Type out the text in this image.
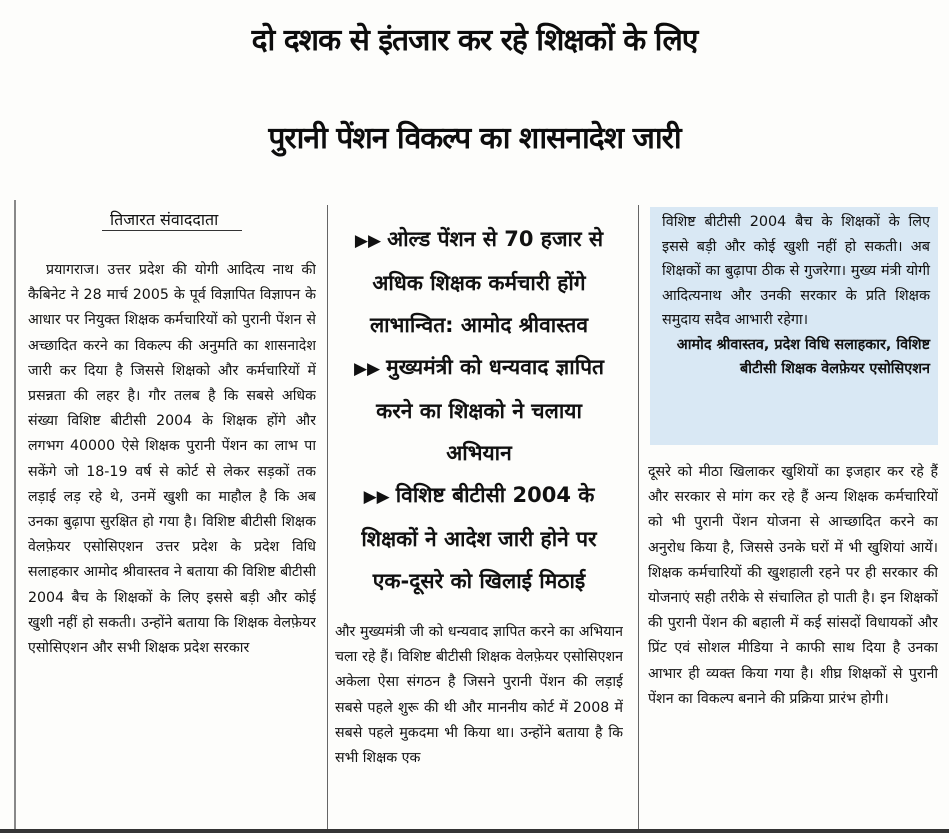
दो दशक से इंतजार कर रहे शिक्षकों के लिए
पुरानी पेंशन विकल्प का शासनादेश जारी
तिजारत संवाददाता
प्रयागराज। उत्तर प्रदेश की योगी आदित्य नाथ की कैबिनेट ने 28 मार्च 2005 के पूर्व विज्ञापित विज्ञापन के आधार पर नियुक्त शिक्षक कर्मचारियों को पुरानी पेंशन से अच्छादित करने का विकल्प की अनुमति का शासनादेश जारी कर दिया है जिससे शिक्षको और कर्मचारियों में प्रसन्नता की लहर है। गौर तलब है कि सबसे अधिक संख्या विशिष्ट बीटीसी 2004 के शिक्षक होंगे और लगभग 40000 ऐसे शिक्षक पुरानी पेंशन का लाभ पा सकेंगे जो 18-19 वर्ष से कोर्ट से लेकर सड़कों तक लड़ाई लड़ रहे थे, उनमें खुशी का माहौल है कि अब उनका बुढ़ापा सुरक्षित हो गया है। विशिष्ट बीटीसी शिक्षक वेलफ़ेयर एसोसिएशन उत्तर प्रदेश के प्रदेश विधि सलाहकार आमोद श्रीवास्तव ने बताया की विशिष्ट बीटीसी 2004 बैच के शिक्षकों के लिए इससे बड़ी और कोई खुशी नहीं हो सकती। उन्होंने बताया कि शिक्षक वेलफ़ेयर एसोसिएशन और सभी शिक्षक प्रदेश सरकार
▶▶ ओल्ड पेंशन से 70 हजार से अधिक शिक्षक कर्मचारी होंगे लाभान्वित: आमोद श्रीवास्तव
▶▶ मुख्यमंत्री को धन्यवाद ज्ञापित करने का शिक्षको ने चलाया अभियान
▶▶ विशिष्ट बीटीसी 2004 के शिक्षकों ने आदेश जारी होने पर एक-दूसरे को खिलाई मिठाई
और मुख्यमंत्री जी को धन्यवाद ज्ञापित करने का अभियान चला रहे हैं। विशिष्ट बीटीसी शिक्षक वेलफ़ेयर एसोसिएशन अकेला ऐसा संगठन है जिसने पुरानी पेंशन की लड़ाई सबसे पहले शुरू की थी और माननीय कोर्ट में 2008 में सबसे पहले मुकदमा भी किया था। उन्होंने बताया है कि सभी शिक्षक एक
विशिष्ट बीटीसी 2004 बैच के शिक्षकों के लिए इससे बड़ी और कोई खुशी नहीं हो सकती। अब शिक्षकों का बुढ़ापा ठीक से गुजरेगा। मुख्य मंत्री योगी आदित्यनाथ और उनकी सरकार के प्रति शिक्षक समुदाय सदैव आभारी रहेगा।
आमोद श्रीवास्तव, प्रदेश विधि सलाहकार, विशिष्ट बीटीसी शिक्षक वेलफ़ेयर एसोसिएशन
दूसरे को मीठा खिलाकर खुशियों का इजहार कर रहे हैं और सरकार से मांग कर रहे हैं अन्य शिक्षक कर्मचारियों को भी पुरानी पेंशन योजना से आच्छादित करने का अनुरोध किया है, जिससे उनके घरों में भी खुशियां आयें। शिक्षक कर्मचारियों की खुशहाली रहने पर ही सरकार की योजनाएं सही तरीके से संचालित हो पाती है। इन शिक्षकों की पुरानी पेंशन की बहाली में कई सांसदों विधायकों और प्रिंट एवं सोशल मीडिया ने काफी साथ दिया है उनका आभार ही व्यक्त किया गया है। शीघ्र शिक्षकों से पुरानी पेंशन का विकल्प बनाने की प्रक्रिया प्रारंभ होगी।
